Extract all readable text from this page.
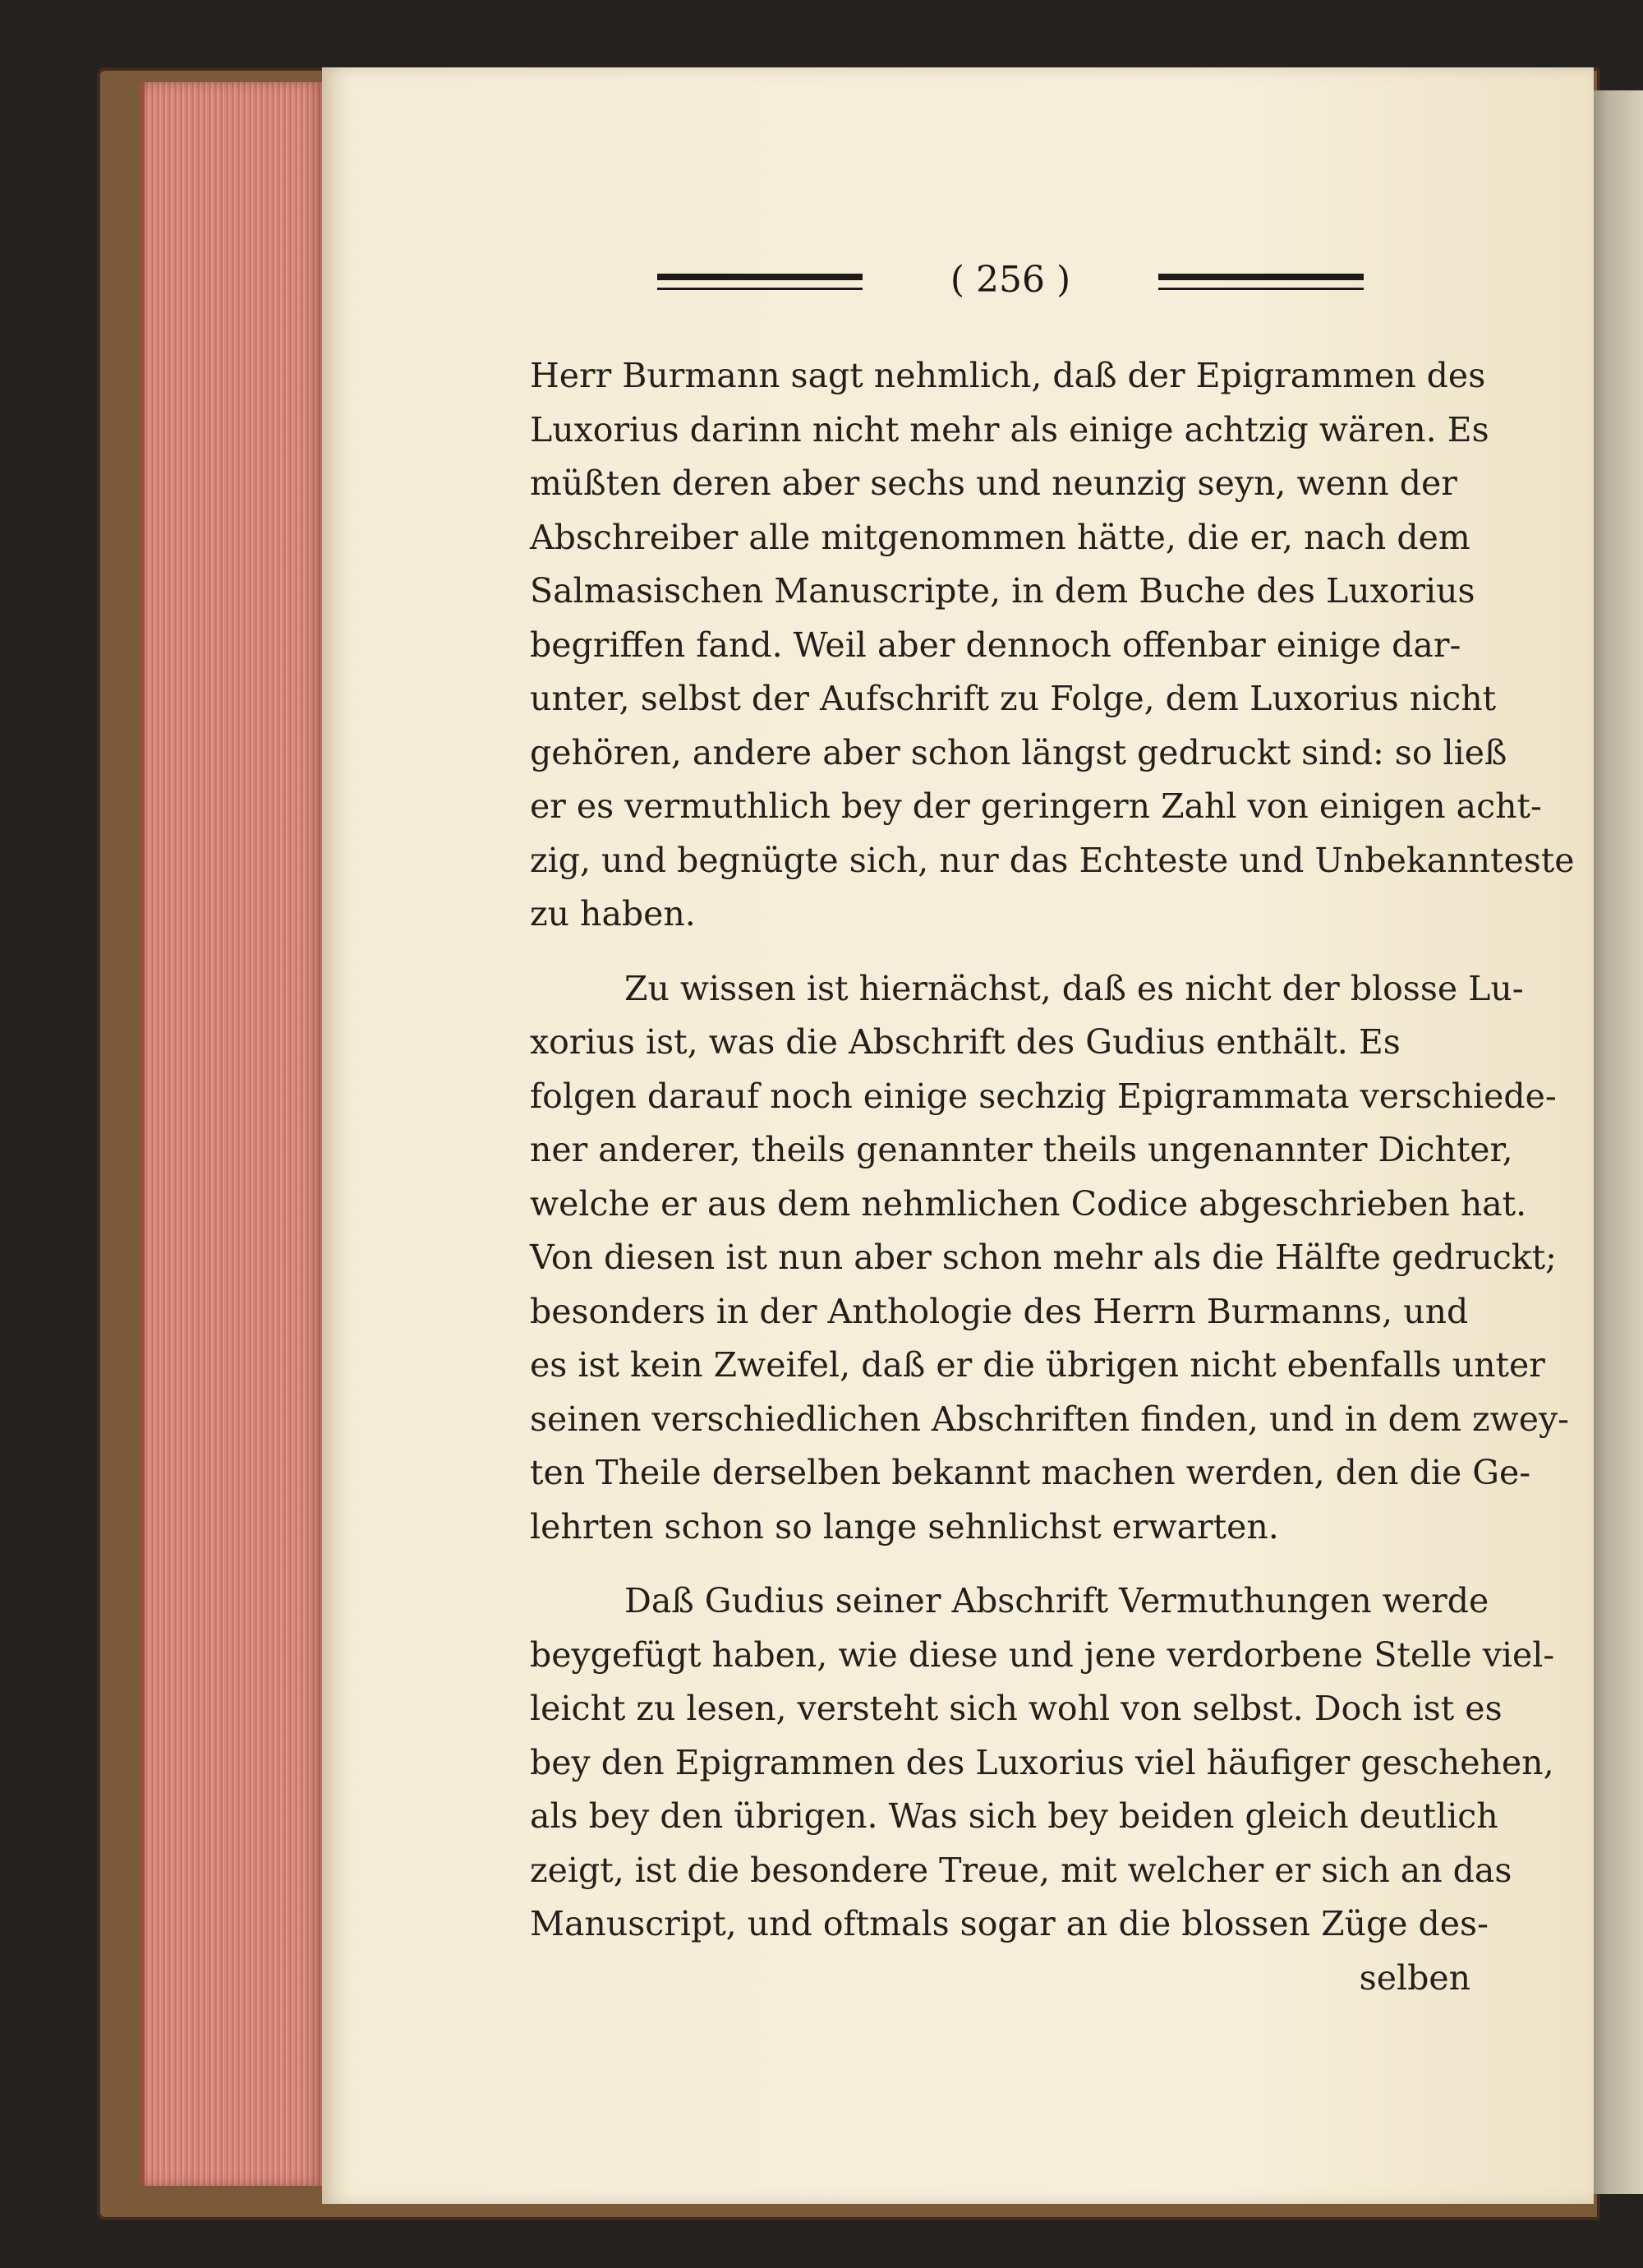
( 256 )
Herr Burmann sagt nehmlich, daß der Epigrammen des
Luxorius darinn nicht mehr als einige achtzig wären. Es
müßten deren aber sechs und neunzig seyn, wenn der
Abschreiber alle mitgenommen hätte, die er, nach dem
Salmasischen Manuscripte, in dem Buche des Luxorius
begriffen fand. Weil aber dennoch offenbar einige dar-
unter, selbst der Aufschrift zu Folge, dem Luxorius nicht
gehören, andere aber schon längst gedruckt sind: so ließ
er es vermuthlich bey der geringern Zahl von einigen acht-
zig, und begnügte sich, nur das Echteste und Unbekannteste
zu haben.
Zu wissen ist hiernächst, daß es nicht der blosse Lu-
xorius ist, was die Abschrift des Gudius enthält. Es
folgen darauf noch einige sechzig Epigrammata verschiede-
ner anderer, theils genannter theils ungenannter Dichter,
welche er aus dem nehmlichen Codice abgeschrieben hat.
Von diesen ist nun aber schon mehr als die Hälfte gedruckt;
besonders in der Anthologie des Herrn Burmanns, und
es ist kein Zweifel, daß er die übrigen nicht ebenfalls unter
seinen verschiedlichen Abschriften finden, und in dem zwey-
ten Theile derselben bekannt machen werden, den die Ge-
lehrten schon so lange sehnlichst erwarten.
Daß Gudius seiner Abschrift Vermuthungen werde
beygefügt haben, wie diese und jene verdorbene Stelle viel-
leicht zu lesen, versteht sich wohl von selbst. Doch ist es
bey den Epigrammen des Luxorius viel häufiger geschehen,
als bey den übrigen. Was sich bey beiden gleich deutlich
zeigt, ist die besondere Treue, mit welcher er sich an das
Manuscript, und oftmals sogar an die blossen Züge des-
selben
